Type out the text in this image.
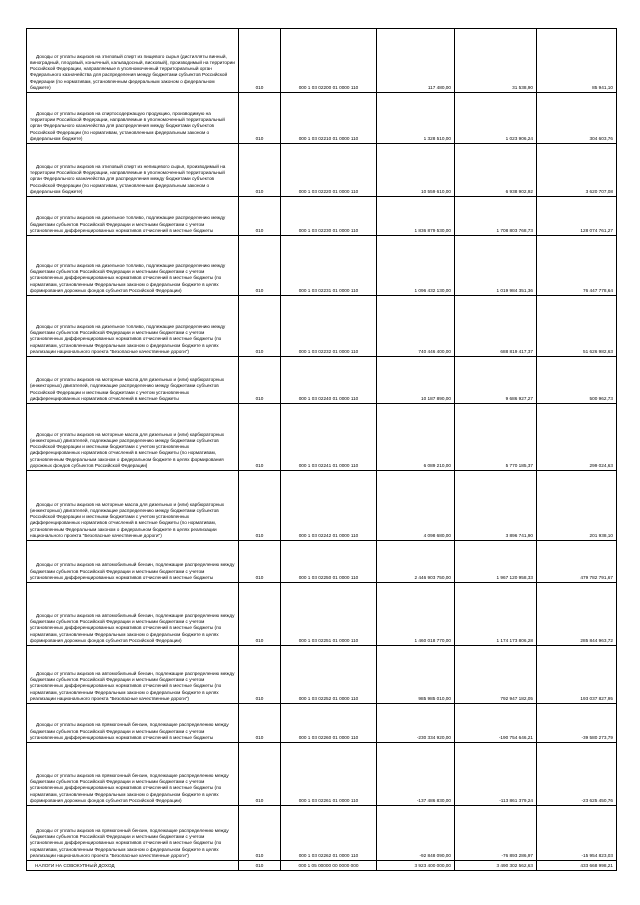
Доходы от уплаты акцизов на этиловый спирт из пищевого сырья (дистилляты винный, виноградный, плодовый, коньячный, кальвадосный, висковый), производимый на территории Российской Федерации, направляемые в уполномоченный территориальный орган Федерального казначейства для распределения между бюджетами субъектов Российской Федерации (по нормативам, установленным федеральным законом о федеральном бюджете)	010	000 1 03 02200 01 0000 110	117 480,00	31 538,90	85 941,10
Доходы от уплаты акцизов на спиртосодержащую продукцию, производимую на территории Российской Федерации, направляемые в уполномоченный территориальный орган Федерального казначейства для распределения между бюджетами субъектов Российской Федерации (по нормативам, установленным федеральным законом о федеральном бюджете)	010	000 1 03 02210 01 0000 110	1 328 510,00	1 023 906,24	304 603,76
Доходы от уплаты акцизов на этиловый спирт из непищевого сырья, производимый на территории Российской Федерации, направляемые в уполномоченный территориальный орган Федерального казначейства для распределения между бюджетами субъектов Российской Федерации (по нормативам, установленным федеральным законом о федеральном бюджете)	010	000 1 03 02220 01 0000 110	10 559 610,00	6 938 902,92	3 620 707,08
Доходы от уплаты акцизов на дизельное топливо, подлежащие распределению между бюджетами субъектов Российской Федерации и местными бюджетами с учетом установленных дифференцированных нормативов отчислений в местные бюджеты	010	000 1 03 02230 01 0000 110	1 836 879 530,00	1 708 803 768,73	128 074 761,27
Доходы от уплаты акцизов на дизельное топливо, подлежащие распределению между бюджетами субъектов Российской Федерации и местными бюджетами с учетом установленных дифференцированных нормативов отчислений в местные бюджеты (по нормативам, установленным Федеральным законом о федеральном бюджете в целях формирования дорожных фондов субъектов Российской Федерации)	010	000 1 03 02231 01 0000 110	1 096 432 130,00	1 019 984 351,36	76 447 778,64
Доходы от уплаты акцизов на дизельное топливо, подлежащие распределению между бюджетами субъектов Российской Федерации и местными бюджетами с учетом установленных дифференцированных нормативов отчислений в местные бюджеты (по нормативам, установленным Федеральным законом о федеральном бюджете в целях реализации национального проекта "Безопасные качественные дороги")	010	000 1 03 02232 01 0000 110	740 446 400,00	688 819 417,37	51 626 982,63
Доходы от уплаты акцизов на моторные масла для дизельных и (или) карбюраторных (инжекторных) двигателей, подлежащие распределению между бюджетами субъектов Российской Федерации и местными бюджетами с учетом установленных дифференцированных нормативов отчислений в местные бюджеты	010	000 1 03 02240 01 0000 110	10 187 890,00	9 686 927,27	500 962,73
Доходы от уплаты акцизов на моторные масла для дизельных и (или) карбюраторных (инжекторных) двигателей, подлежащие распределению между бюджетами субъектов Российской Федерации и местными бюджетами с учетом установленных дифференцированных нормативов отчислений в местные бюджеты (по нормативам, установленным Федеральным законом о федеральном бюджете в целях формирования дорожных фондов субъектов Российской Федерации)	010	000 1 03 02241 01 0000 110	6 089 210,00	5 770 185,37	299 024,63
Доходы от уплаты акцизов на моторные масла для дизельных и (или) карбюраторных (инжекторных) двигателей, подлежащие распределению между бюджетами субъектов Российской Федерации и местными бюджетами с учетом установленных дифференцированных нормативов отчислений в местные бюджеты (по нормативам, установленным Федеральным законом о федеральном бюджете в целях реализации национального проекта "Безопасные качественные дороги")	010	000 1 03 02242 01 0000 110	4 098 680,00	3 896 741,90	201 938,10
Доходы от уплаты акцизов на автомобильный бензин, подлежащие распределению между бюджетами субъектов Российской Федерации и местными бюджетами с учетом установленных дифференцированных нормативов отчислений в местные бюджеты	010	000 1 03 02250 01 0000 110	2 446 903 750,00	1 967 120 958,33	479 782 791,67
Доходы от уплаты акцизов на автомобильный бензин, подлежащие распределению между бюджетами субъектов Российской Федерации и местными бюджетами с учетом установленных дифференцированных нормативов отчислений в местные бюджеты (по нормативам, установленным Федеральным законом о федеральном бюджете в целях формирования дорожных фондов субъектов Российской Федерации)	010	000 1 03 02251 01 0000 110	1 460 018 770,00	1 174 173 806,28	285 844 963,72
Доходы от уплаты акцизов на автомобильный бензин, подлежащие распределению между бюджетами субъектов Российской Федерации и местными бюджетами с учетом установленных дифференцированных нормативов отчислений в местные бюджеты (по нормативам, установленным Федеральным законом о федеральном бюджете в целях реализации национального проекта "Безопасные качественные дороги")	010	000 1 03 02252 01 0000 110	985 985 010,00	792 947 182,05	193 037 827,95
Доходы от уплаты акцизов на прямогонный бензин, подлежащие распределению между бюджетами субъектов Российской Федерации и местными бюджетами с учетом установленных дифференцированных нормативов отчислений в местные бюджеты	010	000 1 03 02260 01 0000 110	-230 334 920,00	-190 754 646,21	-39 580 273,79
Доходы от уплаты акцизов на прямогонный бензин, подлежащие распределению между бюджетами субъектов Российской Федерации и местными бюджетами с учетом установленных дифференцированных нормативов отчислений в местные бюджеты (по нормативам, установленным Федеральным законом о федеральном бюджете в целях формирования дорожных фондов субъектов Российской Федерации)	010	000 1 03 02261 01 0000 110	-137 486 830,00	-113 861 379,24	-23 625 450,76
Доходы от уплаты акцизов на прямогонный бензин, подлежащие распределению между бюджетами субъектов Российской Федерации и местными бюджетами с учетом установленных дифференцированных нормативов отчислений в местные бюджеты (по нормативам, установленным Федеральным законом о федеральном бюджете в целях реализации национального проекта "Безопасные качественные дороги")	010	000 1 03 02262 01 0000 110	-92 848 090,00	-76 893 286,97	-15 954 823,03
НАЛОГИ НА СОВОКУПНЫЙ ДОХОД	010	000 1 05 00000 00 0000 000	3 923 400 000,00	3 490 302 562,63	433 668 998,21
